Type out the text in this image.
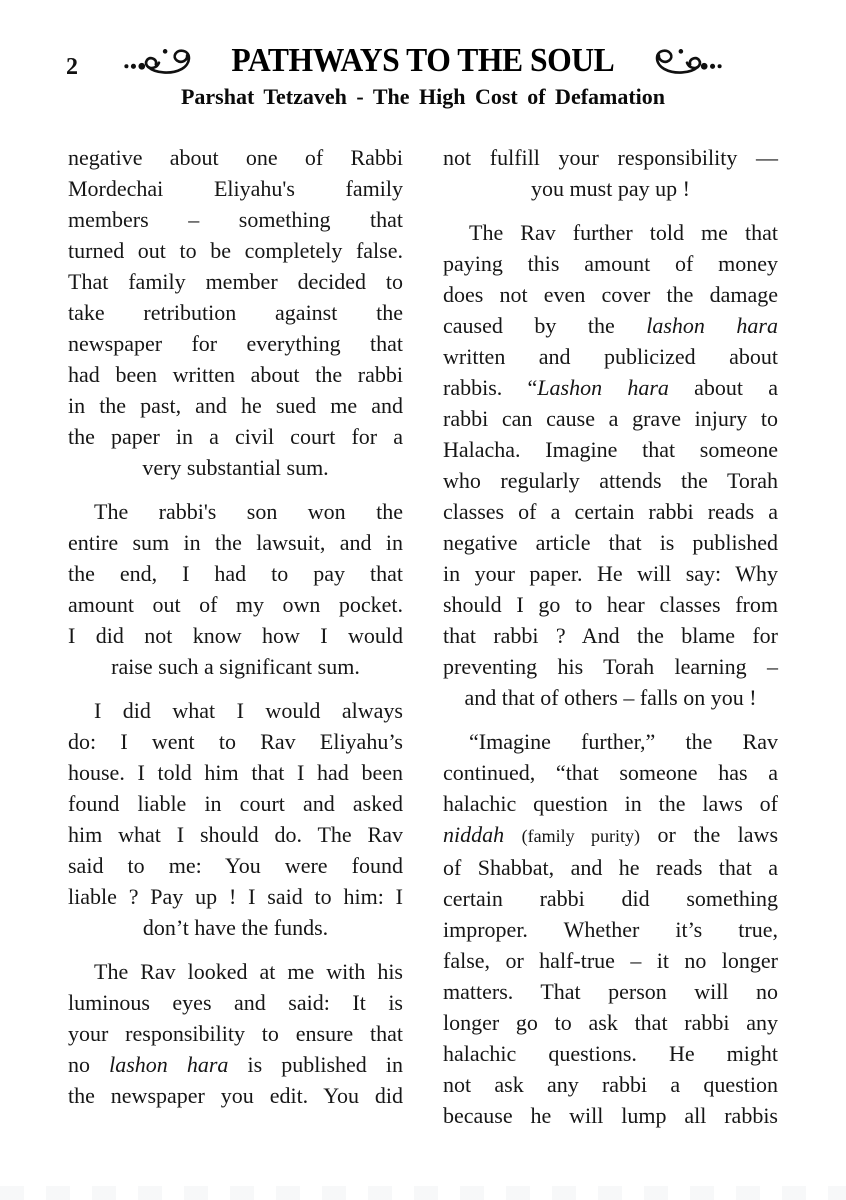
2	PATHWAYS TO THE SOUL
Parshat Tetzaveh - The High Cost of Defamation

negative about one of Rabbi
Mordechai Eliyahu's family
members – something that
turned out to be completely false.
That family member decided to
take retribution against the
newspaper for everything that
had been written about the rabbi
in the past, and he sued me and
the paper in a civil court for a
very substantial sum.

The rabbi's son won the
entire sum in the lawsuit, and in
the end, I had to pay that
amount out of my own pocket.
I did not know how I would
raise such a significant sum.

I did what I would always
do: I went to Rav Eliyahu’s
house. I told him that I had been
found liable in court and asked
him what I should do. The Rav
said to me: You were found
liable ? Pay up ! I said to him: I
don’t have the funds.

The Rav looked at me with his
luminous eyes and said: It is
your responsibility to ensure that
no lashon hara is published in
the newspaper you edit. You did

not fulfill your responsibility —
you must pay up !

The Rav further told me that
paying this amount of money
does not even cover the damage
caused by the lashon hara
written and publicized about
rabbis. “Lashon hara about a
rabbi can cause a grave injury to
Halacha. Imagine that someone
who regularly attends the Torah
classes of a certain rabbi reads a
negative article that is published
in your paper. He will say: Why
should I go to hear classes from
that rabbi ? And the blame for
preventing his Torah learning –
and that of others – falls on you !

“Imagine further,” the Rav
continued, “that someone has a
halachic question in the laws of
niddah (family purity) or the laws
of Shabbat, and he reads that a
certain rabbi did something
improper. Whether it’s true,
false, or half-true – it no longer
matters. That person will no
longer go to ask that rabbi any
halachic questions. He might
not ask any rabbi a question
because he will lump all rabbis
